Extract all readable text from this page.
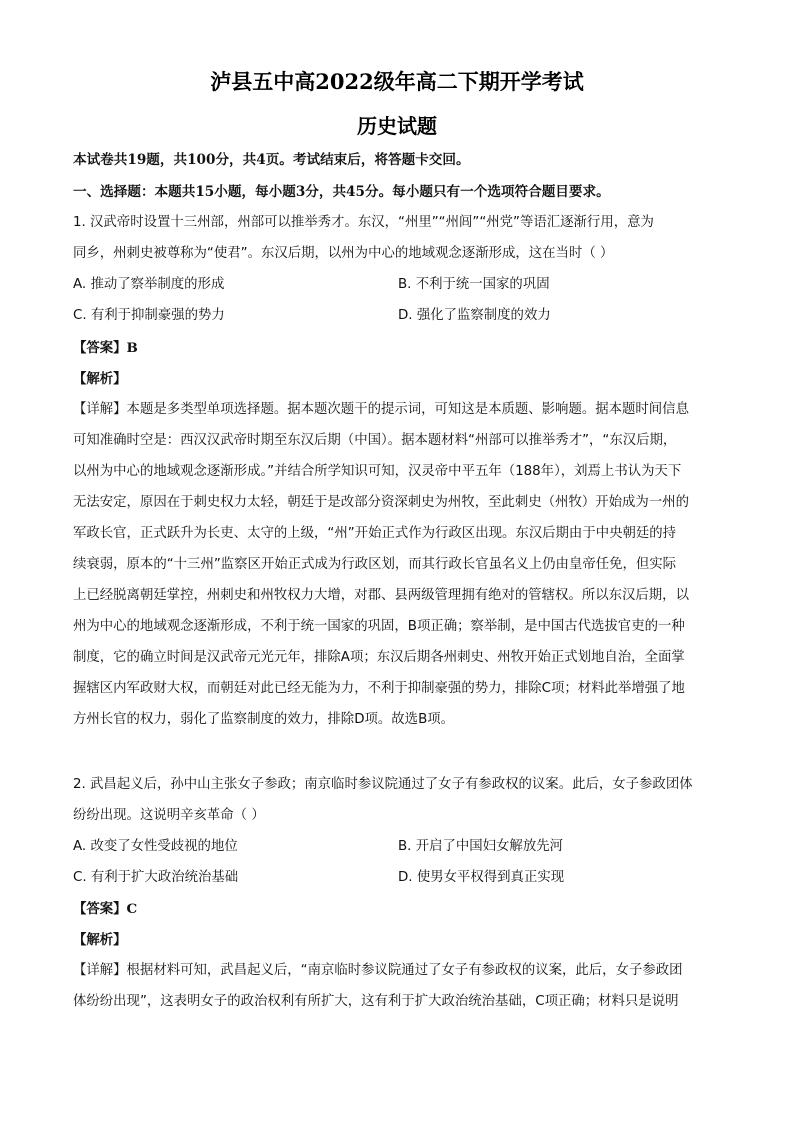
泸县五中高2022级年高二下期开学考试
历史试题
本试卷共19题，共100分，共4页。考试结束后，将答题卡交回。
一、选择题：本题共15小题，每小题3分，共45分。每小题只有一个选项符合题目要求。
1. 汉武帝时设置十三州部，州部可以推举秀才。东汉，“州里”“州闾”“州党”等语汇逐渐行用，意为
同乡，州刺史被尊称为“使君”。东汉后期，以州为中心的地域观念逐渐形成，这在当时（ ）
A. 推动了察举制度的形成	B. 不利于统一国家的巩固
C. 有利于抑制豪强的势力	D. 强化了监察制度的效力
【答案】B
【解析】
【详解】本题是多类型单项选择题。据本题次题干的提示词，可知这是本质题、影响题。据本题时间信息
可知准确时空是：西汉汉武帝时期至东汉后期（中国）。据本题材料“州部可以推举秀才”，“东汉后期，
以州为中心的地域观念逐渐形成。”并结合所学知识可知，汉灵帝中平五年（188年），刘焉上书认为天下
无法安定，原因在于刺史权力太轻，朝廷于是改部分资深刺史为州牧，至此刺史（州牧）开始成为一州的
军政长官，正式跃升为长吏、太守的上级，“州”开始正式作为行政区出现。东汉后期由于中央朝廷的持
续衰弱，原本的“十三州”监察区开始正式成为行政区划，而其行政长官虽名义上仍由皇帝任免，但实际
上已经脱离朝廷掌控，州刺史和州牧权力大增，对郡、县两级管理拥有绝对的管辖权。所以东汉后期，以
州为中心的地域观念逐渐形成，不利于统一国家的巩固，B项正确；察举制，是中国古代选拔官吏的一种
制度，它的确立时间是汉武帝元光元年，排除A项；东汉后期各州刺史、州牧开始正式划地自治，全面掌
握辖区内军政财大权，而朝廷对此已经无能为力，不利于抑制豪强的势力，排除C项；材料此举增强了地
方州长官的权力，弱化了监察制度的效力，排除D项。故选B项。
2. 武昌起义后，孙中山主张女子参政；南京临时参议院通过了女子有参政权的议案。此后，女子参政团体
纷纷出现。这说明辛亥革命（ ）
A. 改变了女性受歧视的地位	B. 开启了中国妇女解放先河
C. 有利于扩大政治统治基础	D. 使男女平权得到真正实现
【答案】C
【解析】
【详解】根据材料可知，武昌起义后，“南京临时参议院通过了女子有参政权的议案，此后，女子参政团
体纷纷出现”，这表明女子的政治权利有所扩大，这有利于扩大政治统治基础，C项正确；材料只是说明
